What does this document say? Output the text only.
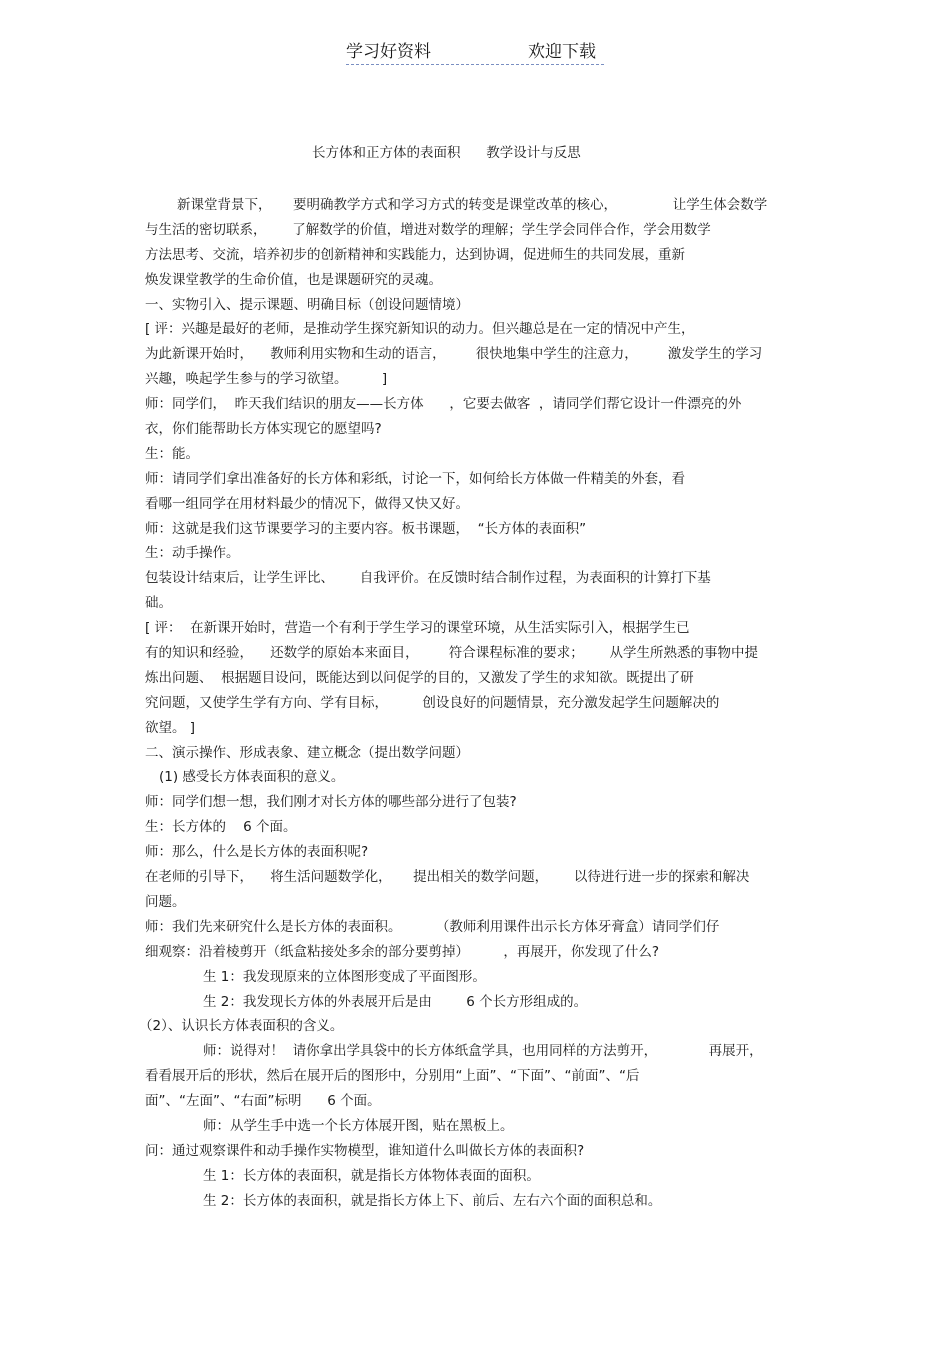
学习好资料	欢迎下载
长方体和正方体的表面积      教学设计与反思
新课堂背景下，     要明确教学方式和学习方式的转变是课堂改革的核心，             让学生体会数学
与生活的密切联系，      了解数学的价值，增进对数学的理解；学生学会同伴合作，学会用数学
方法思考、交流，培养初步的创新精神和实践能力，达到协调，促进师生的共同发展，重新
焕发课堂教学的生命价值，也是课题研究的灵魂。
一、实物引入、提示课题、明确目标（创设问题情境）
[ 评：兴趣是最好的老师，是推动学生探究新知识的动力。但兴趣总是在一定的情况中产生，
为此新课开始时，    教师利用实物和生动的语言，       很快地集中学生的注意力，       激发学生的学习
兴趣，唤起学生参与的学习欲望。        ]
师：同学们，  昨天我们结识的朋友——长方体      ，它要去做客  ，请同学们帮它设计一件漂亮的外
衣，你们能帮助长方体实现它的愿望吗?
生：能。
师：请同学们拿出准备好的长方体和彩纸，讨论一下，如何给长方体做一件精美的外套，看
看哪一组同学在用材料最少的情况下，做得又快又好。
师：这就是我们这节课要学习的主要内容。板书课题，  “长方体的表面积”
生：动手操作。
包装设计结束后，让学生评比、      自我评价。在反馈时结合制作过程，为表面积的计算打下基
础。
[ 评：  在新课开始时，营造一个有利于学生学习的课堂环境，从生活实际引入，根据学生已
有的知识和经验，    还数学的原始本来面目，       符合课程标准的要求；      从学生所熟悉的事物中提
炼出问题、  根据题目设问，既能达到以问促学的目的，又激发了学生的求知欲。既提出了研
究问题，又使学生学有方向、学有目标，        创设良好的问题情景，充分激发起学生问题解决的
欲望。 ]
二、演示操作、形成表象、建立概念（提出数学问题）
(1) 感受长方体表面积的意义。
师：同学们想一想，我们刚才对长方体的哪些部分进行了包装?
生：长方体的    6 个面。
师：那么，什么是长方体的表面积呢?
在老师的引导下，    将生活问题数学化，     提出相关的数学问题，      以待进行进一步的探索和解决
问题。
师：我们先来研究什么是长方体的表面积。        （教师利用课件出示长方体牙膏盒）请同学们仔
细观察：沿着棱剪开（纸盒粘接处多余的部分要剪掉）        ，再展开，你发现了什么?
生 1：我发现原来的立体图形变成了平面图形。
生 2：我发现长方体的外表展开后是由        6 个长方形组成的。
（2）、认识长方体表面积的含义。
师：说得对！  请你拿出学具袋中的长方体纸盒学具，也用同样的方法剪开，            再展开，
看看展开后的形状，然后在展开后的图形中，分别用“上面”、“下面”、“前面”、“后
面”、“左面”、“右面”标明      6 个面。
师：从学生手中选一个长方体展开图，贴在黑板上。
问：通过观察课件和动手操作实物模型，谁知道什么叫做长方体的表面积?
生 1：长方体的表面积，就是指长方体物体表面的面积。
生 2：长方体的表面积，就是指长方体上下、前后、左右六个面的面积总和。
